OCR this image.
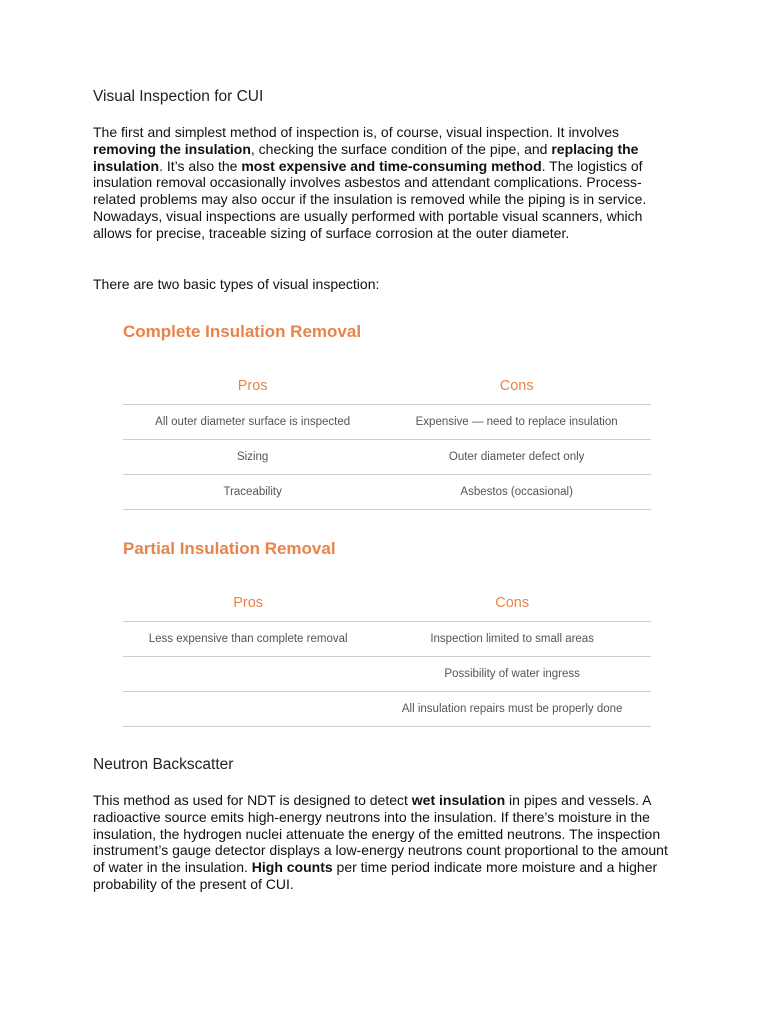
Visual Inspection for CUI

The first and simplest method of inspection is, of course, visual inspection. It involves removing the insulation, checking the surface condition of the pipe, and replacing the insulation. It’s also the most expensive and time-consuming method. The logistics of insulation removal occasionally involves asbestos and attendant complications. Process-related problems may also occur if the insulation is removed while the piping is in service. Nowadays, visual inspections are usually performed with portable visual scanners, which allows for precise, traceable sizing of surface corrosion at the outer diameter.

There are two basic types of visual inspection:

Complete Insulation Removal
Pros	Cons
All outer diameter surface is inspected	Expensive — need to replace insulation
Sizing	Outer diameter defect only
Traceability	Asbestos (occasional)
Partial Insulation Removal
Pros	Cons
Less expensive than complete removal	Inspection limited to small areas
	Possibility of water ingress
	All insulation repairs must be properly done
Neutron Backscatter

This method as used for NDT is designed to detect wet insulation in pipes and vessels. A radioactive source emits high-energy neutrons into the insulation. If there’s moisture in the insulation, the hydrogen nuclei attenuate the energy of the emitted neutrons. The inspection instrument’s gauge detector displays a low-energy neutrons count proportional to the amount of water in the insulation. High counts per time period indicate more moisture and a higher probability of the present of CUI.
